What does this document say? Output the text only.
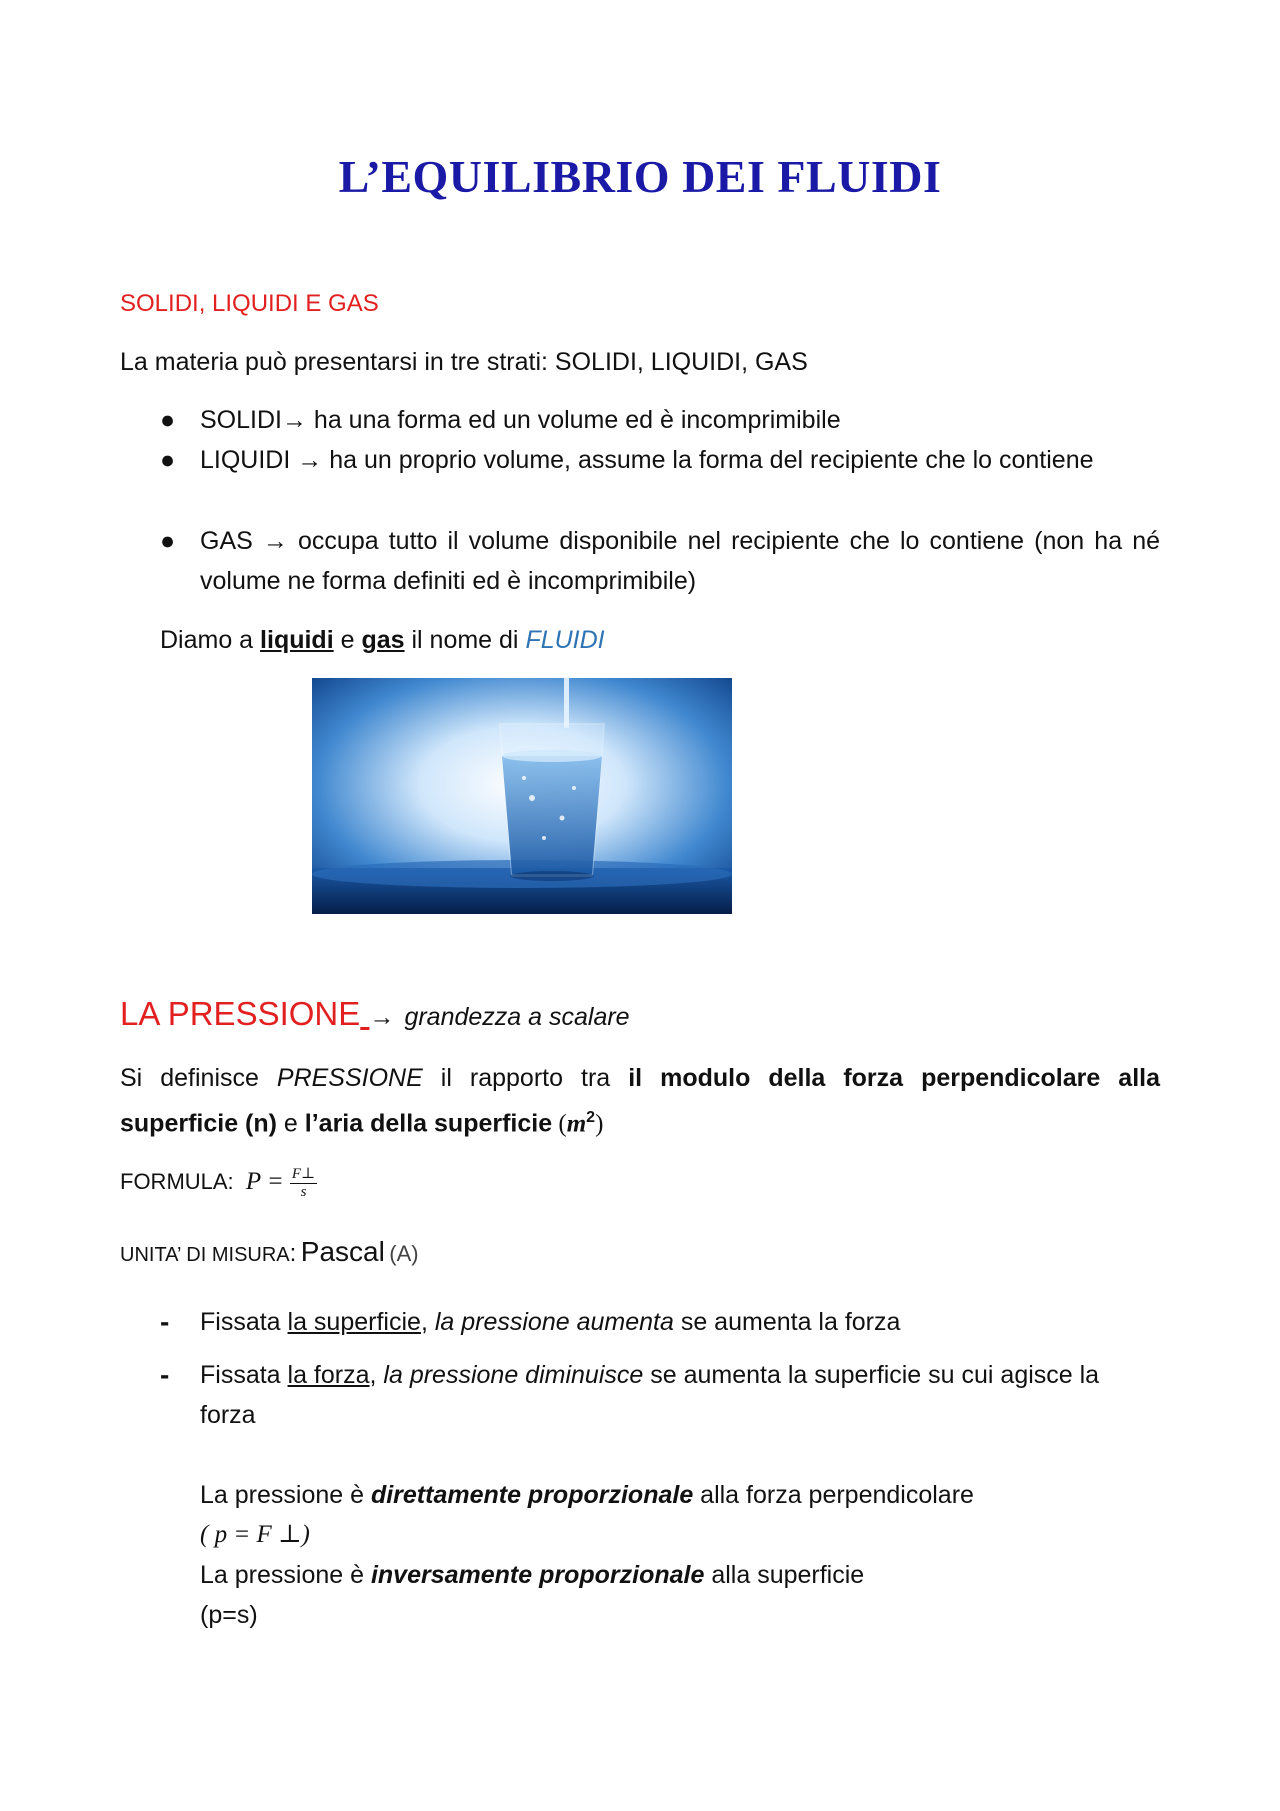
L’EQUILIBRIO DEI FLUIDI
SOLIDI, LIQUIDI E GAS
La materia può presentarsi in tre strati: SOLIDI, LIQUIDI, GAS
● SOLIDI→ ha una forma ed un volume ed è incomprimibile
● LIQUIDI → ha un proprio volume, assume la forma del recipiente che lo contiene
● GAS → occupa tutto il volume disponibile nel recipiente che lo contiene (non ha né volume ne forma definiti ed è incomprimibile)
Diamo a liquidi e gas il nome di FLUIDI
LA PRESSIONE → grandezza a scalare
Si definisce PRESSIONE il rapporto tra il modulo della forza perpendicolare alla superficie (n) e l’aria della superficie $(m^2)$
FORMULA: $P = \frac{F\perp}{s}$
UNITA’ DI MISURA: Pascal (A)
- Fissata la superficie, la pressione aumenta se aumenta la forza
- Fissata la forza, la pressione diminuisce se aumenta la superficie su cui agisce la forza
La pressione è direttamente proporzionale alla forza perpendicolare
( p = F ⊥)
La pressione è inversamente proporzionale alla superficie
(p=s)
